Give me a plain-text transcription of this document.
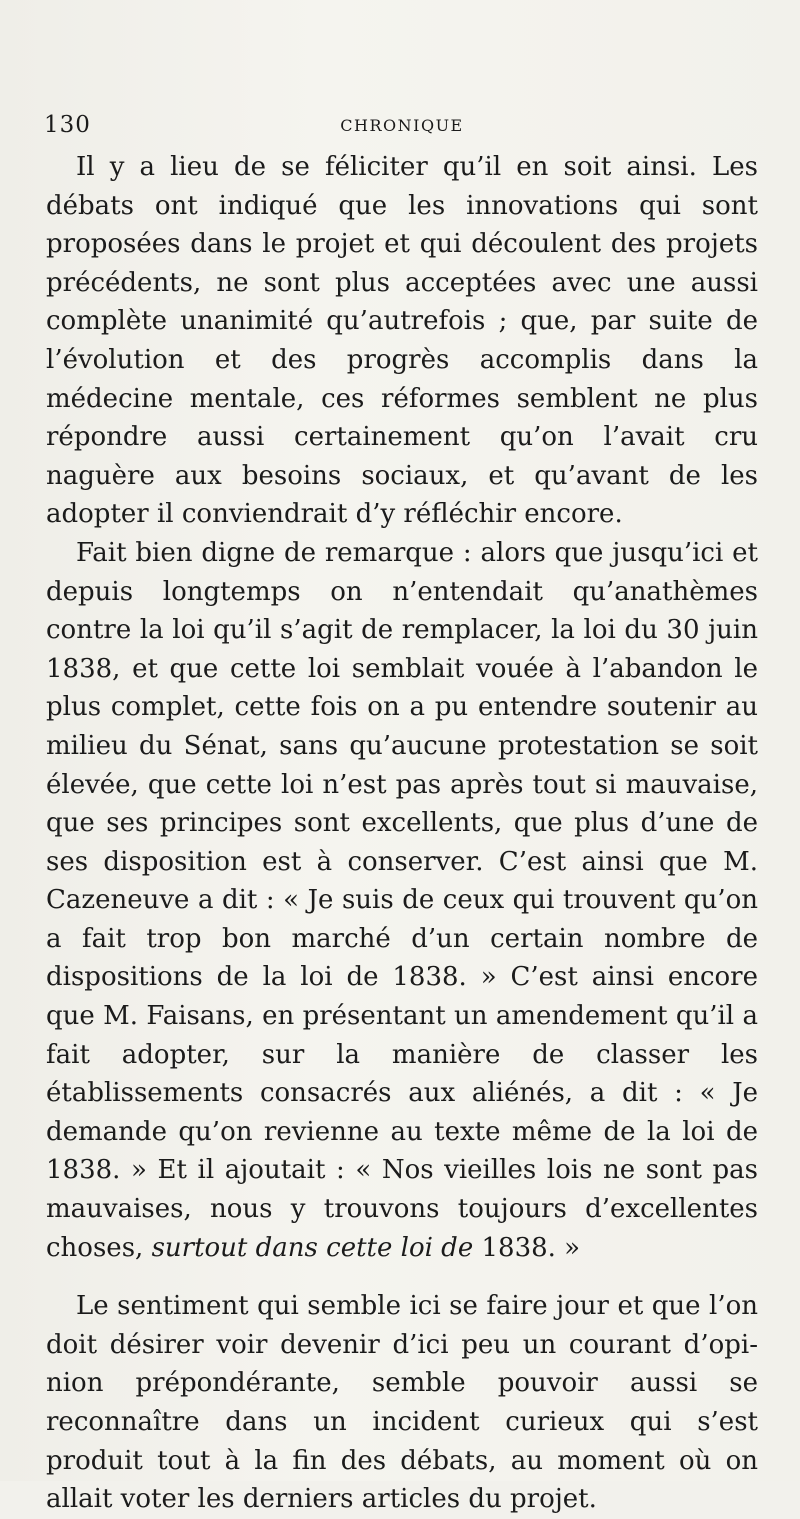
130	CHRONIQUE

Il y a lieu de se féliciter qu’il en soit ainsi. Les débats ont indiqué que les innovations qui sont proposées dans le projet et qui découlent des projets précédents, ne sont plus acceptées avec une aussi complète unanimité qu’autrefois ; que, par suite de l’évolution et des progrès accomplis dans la médecine mentale, ces réformes semblent ne plus répondre aussi certainement qu’on l’avait cru naguère aux besoins sociaux, et qu’avant de les adopter il conviendrait d’y réfléchir encore.

Fait bien digne de remarque : alors que jusqu’ici et depuis longtemps on n’entendait qu’anathèmes contre la loi qu’il s’agit de remplacer, la loi du 30 juin 1838, et que cette loi semblait vouée à l’abandon le plus complet, cette fois on a pu entendre soutenir au milieu du Sénat, sans qu’aucune protestation se soit élevée, que cette loi n’est pas après tout si mauvaise, que ses principes sont excellents, que plus d’une de ses disposition est à conserver. C’est ainsi que M. Cazeneuve a dit : « Je suis de ceux qui trouvent qu’on a fait trop bon marché d’un certain nombre de dispositions de la loi de 1838. » C’est ainsi encore que M. Faisans, en présentant un amendement qu’il a fait adopter, sur la manière de classer les établissements consacrés aux aliénés, a dit : « Je demande qu’on revienne au texte même de la loi de 1838. » Et il ajoutait : « Nos vieilles lois ne sont pas mauvaises, nous y trouvons toujours d’excellentes choses, surtout dans cette loi de 1838. »

Le sentiment qui semble ici se faire jour et que l’on doit désirer voir devenir d’ici peu un courant d’opinion prépondérante, semble pouvoir aussi se reconnaître dans un incident curieux qui s’est produit tout à la fin des débats, au moment où on allait voter les derniers articles du projet.
